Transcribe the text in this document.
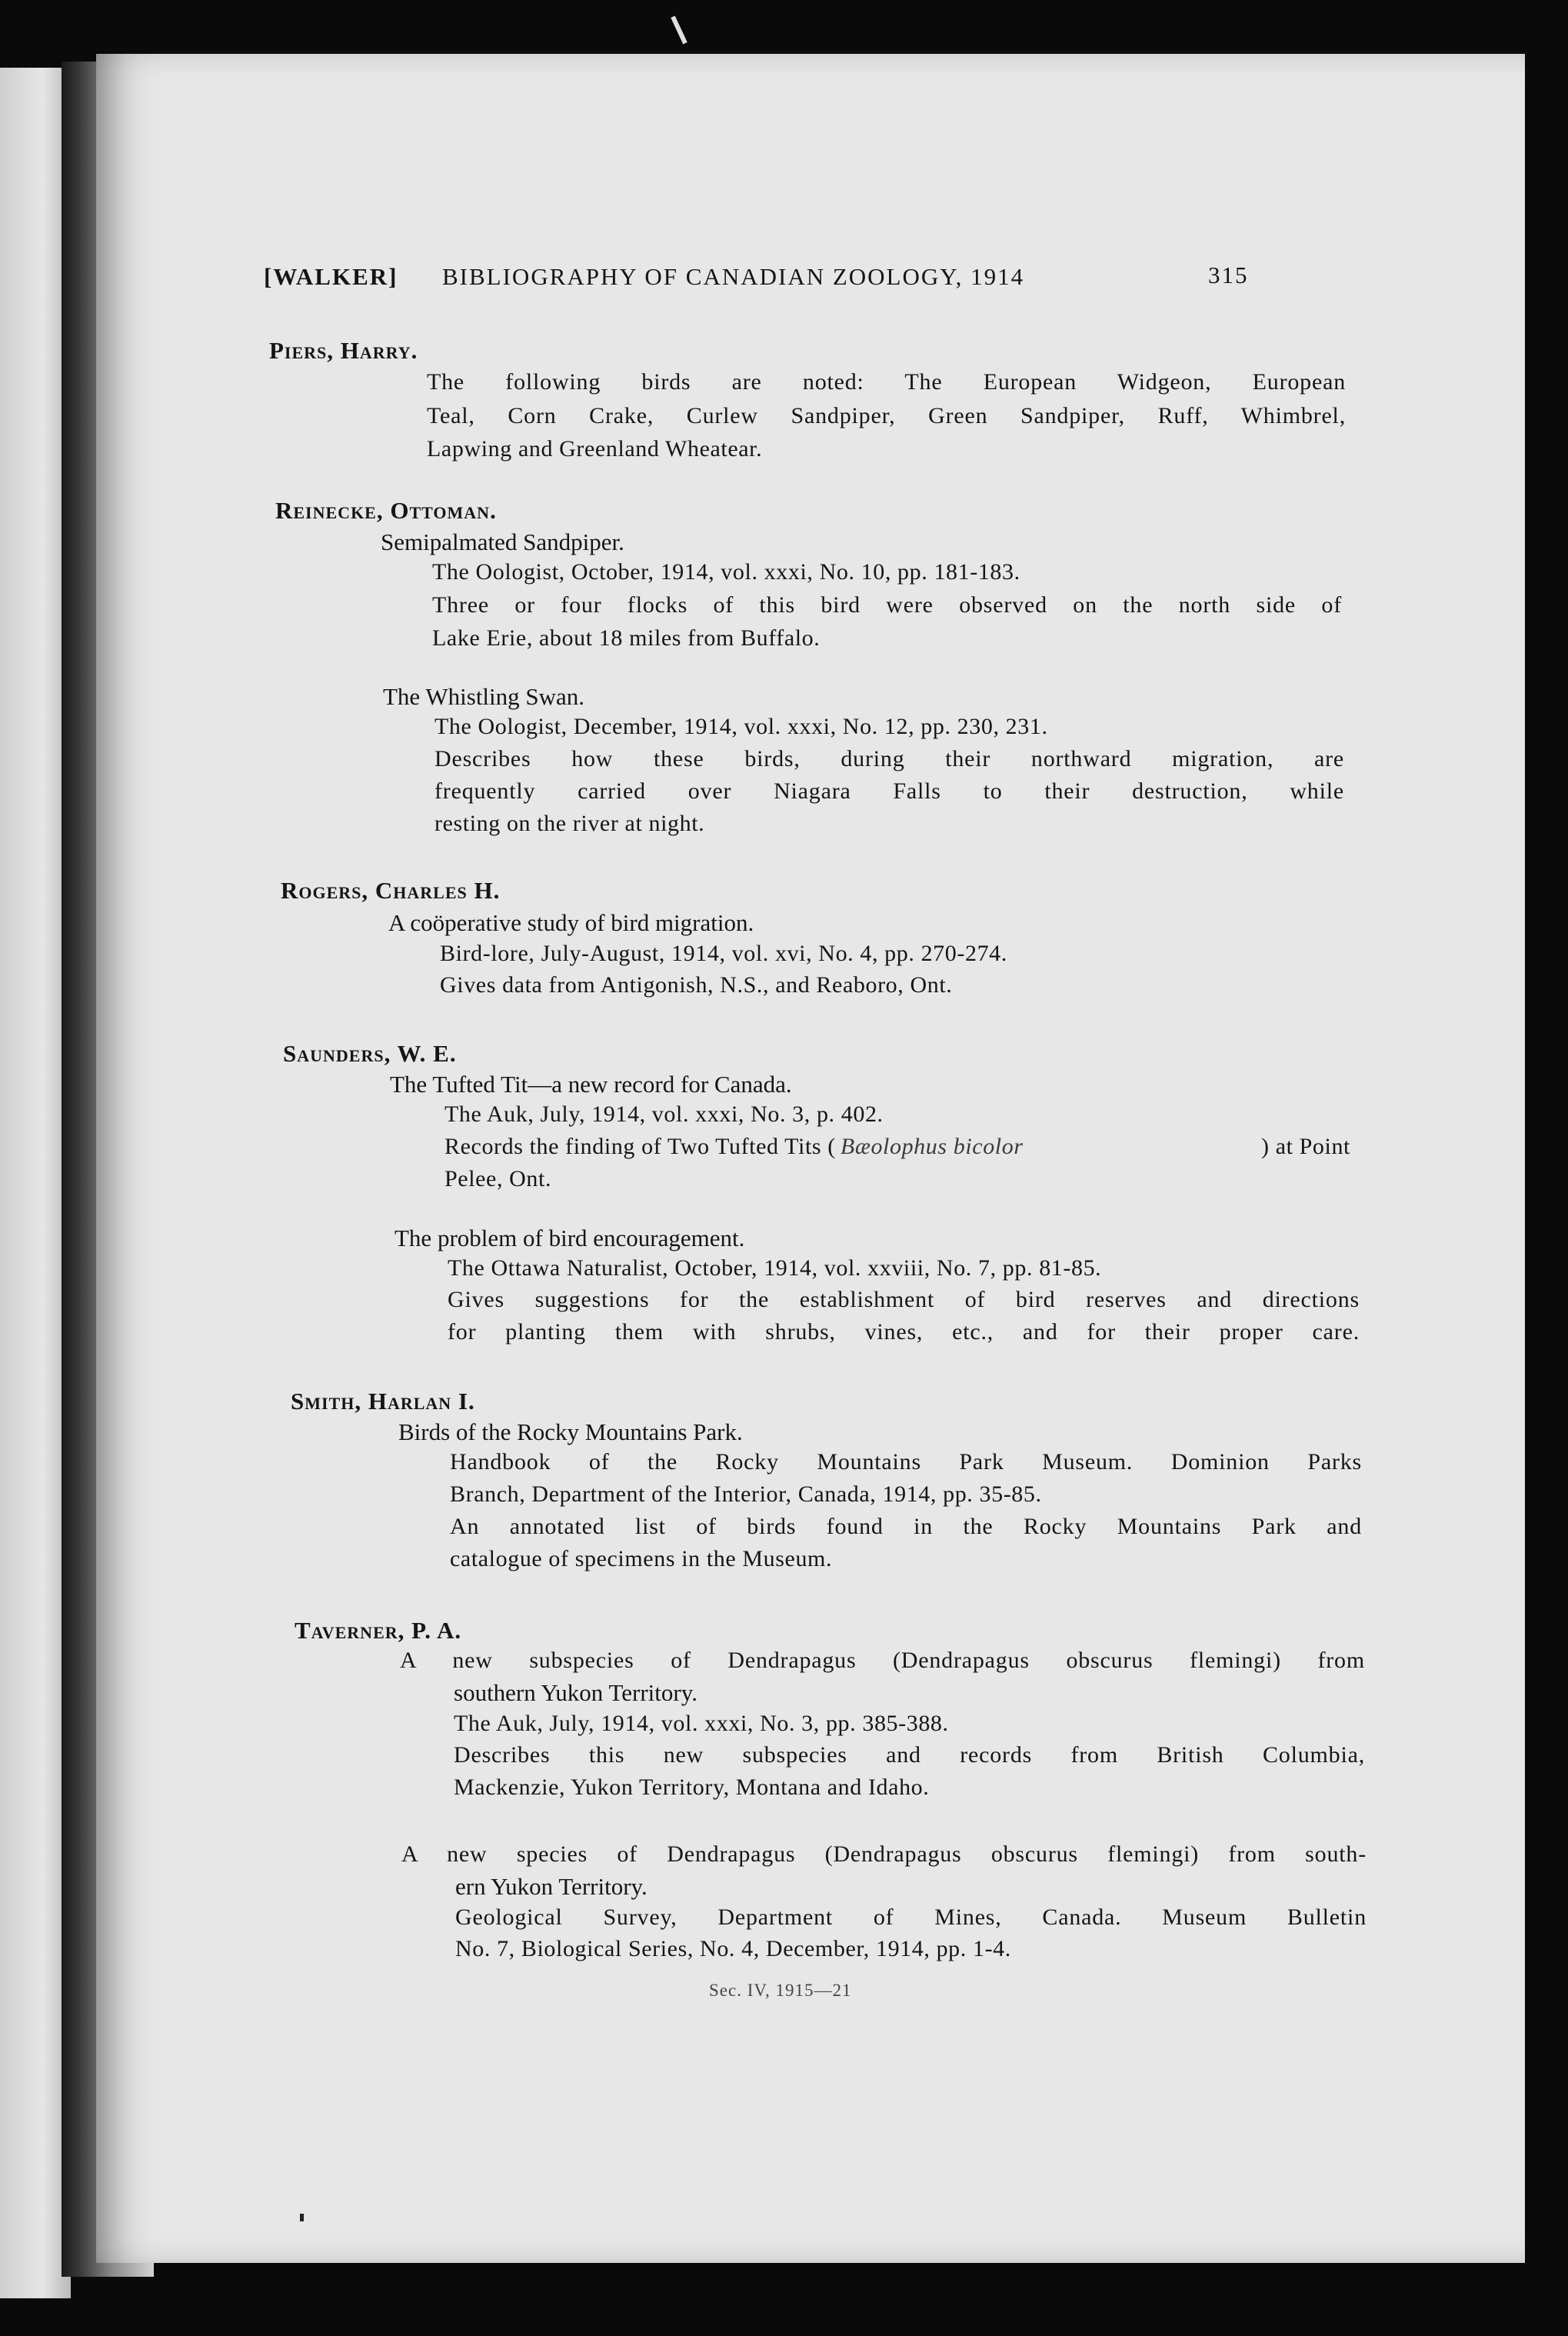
[WALKER] BIBLIOGRAPHY OF CANADIAN ZOOLOGY, 1914	315
Piers, Harry.
The following birds are noted: The European Widgeon, European
Teal, Corn Crake, Curlew Sandpiper, Green Sandpiper, Ruff, Whimbrel,
Lapwing and Greenland Wheatear.
Reinecke, Ottoman.
Semipalmated Sandpiper.
The Oologist, October, 1914, vol. xxxi, No. 10, pp. 181-183.
Three or four flocks of this bird were observed on the north side of
Lake Erie, about 18 miles from Buffalo.
The Whistling Swan.
The Oologist, December, 1914, vol. xxxi, No. 12, pp. 230, 231.
Describes how these birds, during their northward migration, are
frequently carried over Niagara Falls to their destruction, while
resting on the river at night.
Rogers, Charles H.
A coöperative study of bird migration.
Bird-lore, July-August, 1914, vol. xvi, No. 4, pp. 270-274.
Gives data from Antigonish, N.S., and Reaboro, Ont.
Saunders, W. E.
The Tufted Tit—a new record for Canada.
The Auk, July, 1914, vol. xxxi, No. 3, p. 402.
Records the finding of Two Tufted Tits ( Bæolophus bicolor	) at Point
Pelee, Ont.
The problem of bird encouragement.
The Ottawa Naturalist, October, 1914, vol. xxviii, No. 7, pp. 81-85.
Gives suggestions for the establishment of bird reserves and directions
for planting them with shrubs, vines, etc., and for their proper care.
Smith, Harlan I.
Birds of the Rocky Mountains Park.
Handbook of the Rocky Mountains Park Museum. Dominion Parks
Branch, Department of the Interior, Canada, 1914, pp. 35-85.
An annotated list of birds found in the Rocky Mountains Park and
catalogue of specimens in the Museum.
Taverner, P. A.
A new subspecies of Dendrapagus (Dendrapagus obscurus flemingi) from
southern Yukon Territory.
The Auk, July, 1914, vol. xxxi, No. 3, pp. 385-388.
Describes this new subspecies and records from British Columbia,
Mackenzie, Yukon Territory, Montana and Idaho.
A new species of Dendrapagus (Dendrapagus obscurus flemingi) from south-
ern Yukon Territory.
Geological Survey, Department of Mines, Canada. Museum Bulletin
No. 7, Biological Series, No. 4, December, 1914, pp. 1-4.
Sec. IV, 1915—21
